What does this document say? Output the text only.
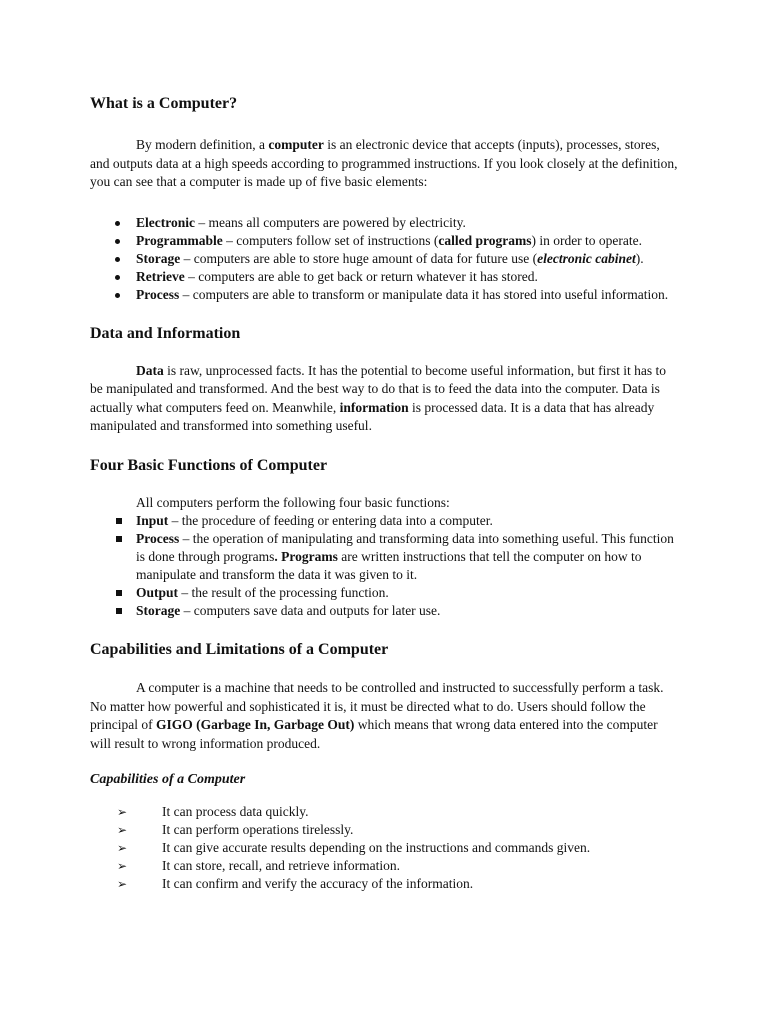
What is a Computer?

By modern definition, a computer is an electronic device that accepts (inputs), processes, stores, and outputs data at a high speeds according to programmed instructions. If you look closely at the definition, you can see that a computer is made up of five basic elements:

Electronic – means all computers are powered by electricity.
Programmable – computers follow set of instructions (called programs) in order to operate.
Storage – computers are able to store huge amount of data for future use (electronic cabinet).
Retrieve – computers are able to get back or return whatever it has stored.
Process – computers are able to transform or manipulate data it has stored into useful information.
Data and Information

Data is raw, unprocessed facts. It has the potential to become useful information, but first it has to be manipulated and transformed. And the best way to do that is to feed the data into the computer. Data is actually what computers feed on. Meanwhile, information is processed data. It is a data that has already manipulated and transformed into something useful.

Four Basic Functions of Computer

All computers perform the following four basic functions:

Input – the procedure of feeding or entering data into a computer.
Process – the operation of manipulating and transforming data into something useful. This function is done through programs. Programs are written instructions that tell the computer on how to manipulate and transform the data it was given to it.
Output – the result of the processing function.
Storage – computers save data and outputs for later use.
Capabilities and Limitations of a Computer

A computer is a machine that needs to be controlled and instructed to successfully perform a task. No matter how powerful and sophisticated it is, it must be directed what to do. Users should follow the principal of GIGO (Garbage In, Garbage Out) which means that wrong data entered into the computer will result to wrong information produced.

Capabilities of a Computer
➢	It can process data quickly.
➢	It can perform operations tirelessly.
➢	It can give accurate results depending on the instructions and commands given.
➢	It can store, recall, and retrieve information.
➢	It can confirm and verify the accuracy of the information.
